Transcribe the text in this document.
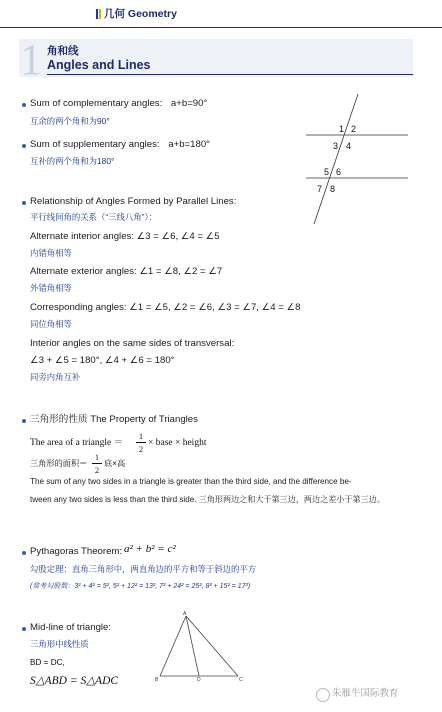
几何 Geometry
1 角和线
Angles and Lines
Sum of complementary angles: a+b=90°
互余的两个角和为90°
Sum of supplementary angles: a+b=180°
互补的两个角和为180°
1 2
3 4
5 6
7 8
Relationship of Angles Formed by Parallel Lines:
平行线间角的关系（“三线八角”）：
Alternate interior angles: ∠3 = ∠6, ∠4 = ∠5
内错角相等
Alternate exterior angles: ∠1 = ∠8, ∠2 = ∠7
外错角相等
Corresponding angles: ∠1 = ∠5, ∠2 = ∠6, ∠3 = ∠7, ∠4 = ∠8
同位角相等
Interior angles on the same sides of transversal:
∠3 + ∠5 = 180°, ∠4 + ∠6 = 180°
同旁内角互补
三角形的性质 The Property of Triangles
The area of a triangle ＝
1
2
× base × height
三角形的面积＝
1
2
底×高
The sum of any two sides in a triangle is greater than the third side, and the difference be-
tween any two sides is less than the third side. 三角形两边之和大于第三边，两边之差小于第三边。
Pythagoras Theorem: a² + b² = c²
勾股定理：直角三角形中，两直角边的平方和等于斜边的平方
(常考勾股数：3² + 4² = 5², 5² + 12² = 13², 7² + 24² = 25², 8² + 15² = 17²)
Mid-line of triangle:
三角形中线性质
BD = DC,
S△ABD = S△ADC
A
B	D	C
朱雁牛国际教育
